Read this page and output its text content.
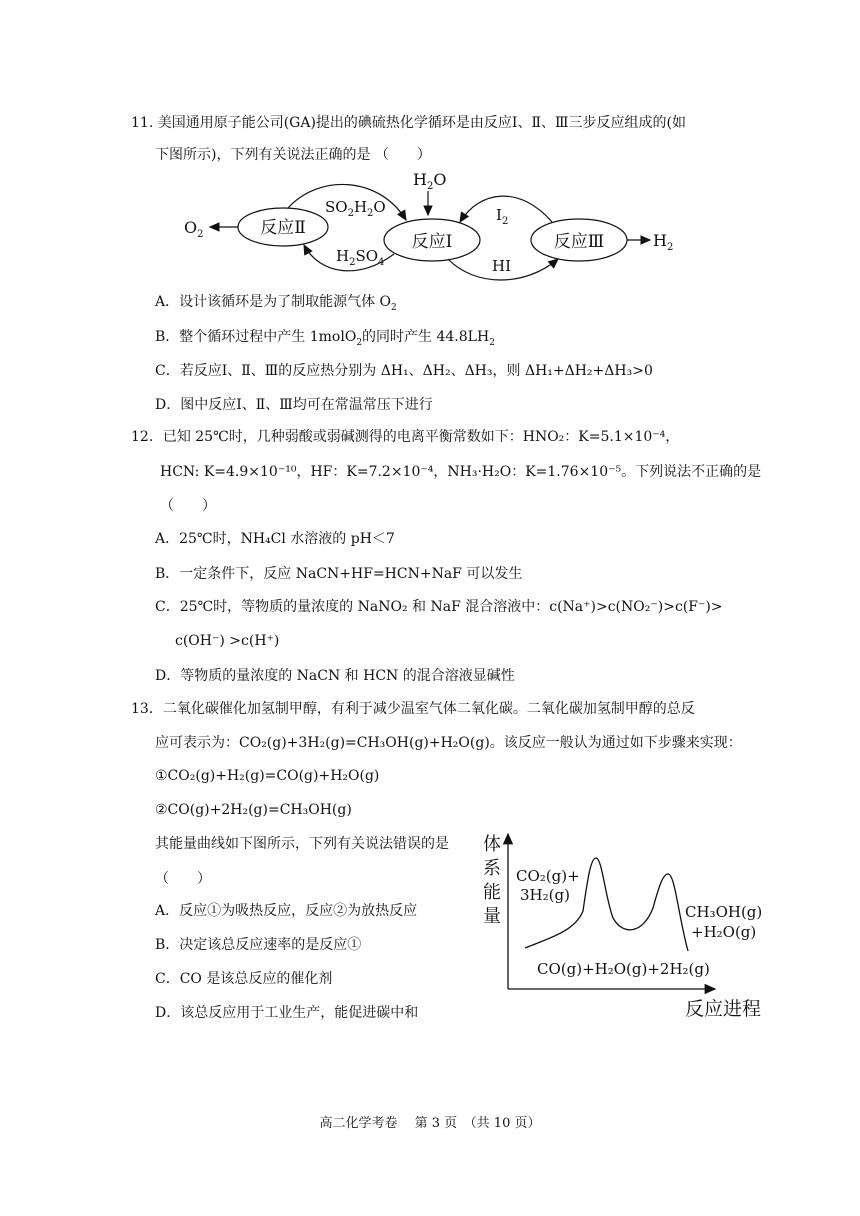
11. 美国通用原子能公司(GA)提出的碘硫热化学循环是由反应Ⅰ、Ⅱ、Ⅲ三步反应组成的(如
下图所示)，下列有关说法正确的是 （　　）
反应Ⅱ
反应Ⅰ	反应Ⅲ
$O_2$	$H_2$
$H_2O$
$SO_2H_2O$
$H_2SO_4$
$I_2$
HI
A．设计该循环是为了制取能源气体 $O_2$
B．整个循环过程中产生 1molO$_2$的同时产生 $44.8LH_2$
C．若反应Ⅰ、Ⅱ、Ⅲ的反应热分别为 ΔH₁、ΔH₂、ΔH₃，则 ΔH₁+ΔH₂+ΔH₃>0
D．图中反应Ⅰ、Ⅱ、Ⅲ均可在常温常压下进行
12．已知 25℃时，几种弱酸或弱碱测得的电离平衡常数如下：HNO₂：K=5.1×10⁻⁴，
HCN: K=4.9×10⁻¹⁰，HF：K=7.2×10⁻⁴，NH₃·H₂O：K=1.76×10⁻⁵。下列说法不正确的是
（　　）
A．25℃时，NH₄Cl 水溶液的 pH＜7
B．一定条件下，反应 NaCN+HF=HCN+NaF 可以发生
C．25℃时，等物质的量浓度的 NaNO₂ 和 NaF 混合溶液中：c(Na⁺)>c(NO₂⁻)>c(F⁻)>
c(OH⁻) >c(H⁺)
D．等物质的量浓度的 NaCN 和 HCN 的混合溶液显碱性
13．二氧化碳催化加氢制甲醇，有利于减少温室气体二氧化碳。二氧化碳加氢制甲醇的总反
应可表示为：CO₂(g)+3H₂(g)=CH₃OH(g)+H₂O(g)。该反应一般认为通过如下步骤来实现：
①CO₂(g)+H₂(g)=CO(g)+H₂O(g)
②CO(g)+2H₂(g)=CH₃OH(g)
其能量曲线如下图所示，下列有关说法错误的是
（　　）
A．反应①为吸热反应，反应②为放热反应
B．决定该总反应速率的是反应①
C．CO 是该总反应的催化剂
D．该总反应用于工业生产，能促进碳中和
体
系
能
量
CO₂(g)+
3H₂(g)
CH₃OH(g)
+H₂O(g)
CO(g)+H₂O(g)+2H₂(g)
反应进程
高二化学考卷　 第 3 页　（共 10 页）
